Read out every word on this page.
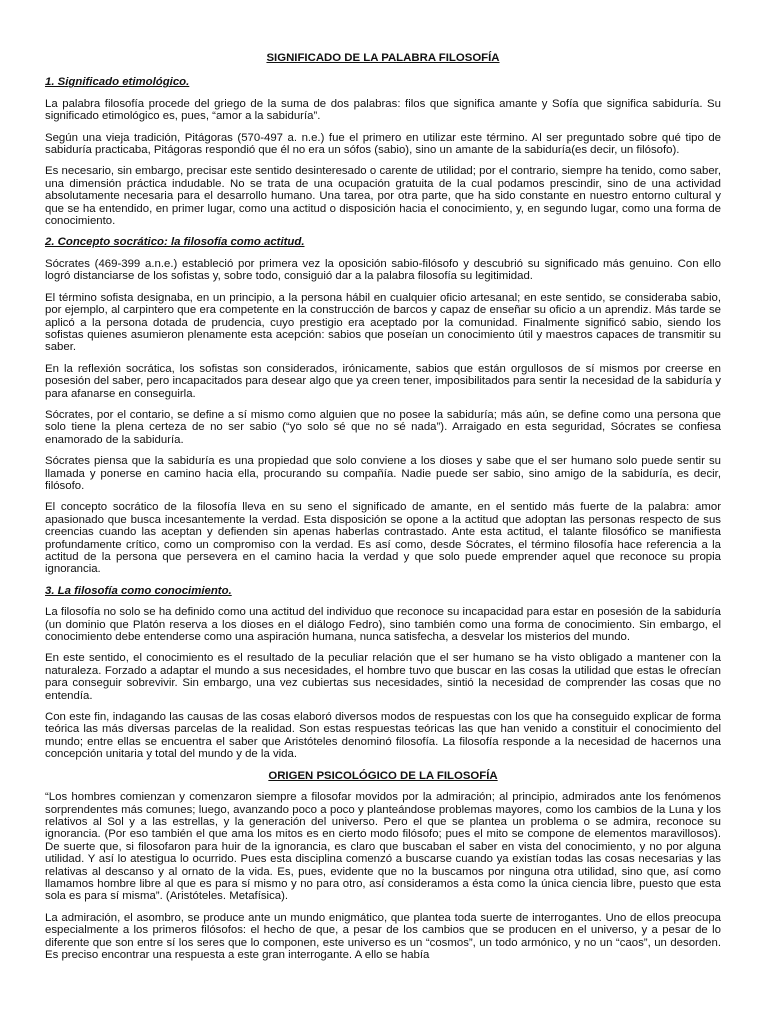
SIGNIFICADO DE LA PALABRA FILOSOFÍA
1. Significado etimológico.

La palabra filosofía procede del griego de la suma de dos palabras: filos que significa amante y Sofía que significa sabiduría. Su significado etimológico es, pues, “amor a la sabiduría”.

Según una vieja tradición, Pitágoras (570-497 a. n.e.) fue el primero en utilizar este término. Al ser preguntado sobre qué tipo de sabiduría practicaba, Pitágoras respondió que él no era un sófos (sabio), sino un amante de la sabiduría(es decir, un filósofo).

Es necesario, sin embargo, precisar este sentido desinteresado o carente de utilidad; por el contrario, siempre ha tenido, como saber, una dimensión práctica indudable. No se trata de una ocupación gratuita de la cual podamos prescindir, sino de una actividad absolutamente necesaria para el desarrollo humano. Una tarea, por otra parte, que ha sido constante en nuestro entorno cultural y que se ha entendido, en primer lugar, como una actitud o disposición hacia el conocimiento, y, en segundo lugar, como una forma de conocimiento.

2. Concepto socrático: la filosofía como actitud.

Sócrates (469-399 a.n.e.) estableció por primera vez la oposición sabio-filósofo y descubrió su significado más genuino. Con ello logró distanciarse de los sofistas y, sobre todo, consiguió dar a la palabra filosofía su legitimidad.

El término sofista designaba, en un principio, a la persona hábil en cualquier oficio artesanal; en este sentido, se consideraba sabio, por ejemplo, al carpintero que era competente en la construcción de barcos y capaz de enseñar su oficio a un aprendiz. Más tarde se aplicó a la persona dotada de prudencia, cuyo prestigio era aceptado por la comunidad. Finalmente significó sabio, siendo los sofistas quienes asumieron plenamente esta acepción: sabios que poseían un conocimiento útil y maestros capaces de transmitir su saber.

En la reflexión socrática, los sofistas son considerados, irónicamente, sabios que están orgullosos de sí mismos por creerse en posesión del saber, pero incapacitados para desear algo que ya creen tener, imposibilitados para sentir la necesidad de la sabiduría y para afanarse en conseguirla.

Sócrates, por el contario, se define a sí mismo como alguien que no posee la sabiduría; más aún, se define como una persona que solo tiene la plena certeza de no ser sabio (“yo solo sé que no sé nada”). Arraigado en esta seguridad, Sócrates se confiesa enamorado de la sabiduría.

Sócrates piensa que la sabiduría es una propiedad que solo conviene a los dioses y sabe que el ser humano solo puede sentir su llamada y ponerse en camino hacia ella, procurando su compañía. Nadie puede ser sabio, sino amigo de la sabiduría, es decir, filósofo.

El concepto socrático de la filosofía lleva en su seno el significado de amante, en el sentido más fuerte de la palabra: amor apasionado que busca incesantemente la verdad. Esta disposición se opone a la actitud que adoptan las personas respecto de sus creencias cuando las aceptan y defienden sin apenas haberlas contrastado. Ante esta actitud, el talante filosófico se manifiesta profundamente crítico, como un compromiso con la verdad. Es así como, desde Sócrates, el término filosofía hace referencia a la actitud de la persona que persevera en el camino hacia la verdad y que solo puede emprender aquel que reconoce su propia ignorancia.

3. La filosofía como conocimiento.

La filosofía no solo se ha definido como una actitud del individuo que reconoce su incapacidad para estar en posesión de la sabiduría (un dominio que Platón reserva a los dioses en el diálogo Fedro), sino también como una forma de conocimiento. Sin embargo, el conocimiento debe entenderse como una aspiración humana, nunca satisfecha, a desvelar los misterios del mundo.

En este sentido, el conocimiento es el resultado de la peculiar relación que el ser humano se ha visto obligado a mantener con la naturaleza. Forzado a adaptar el mundo a sus necesidades, el hombre tuvo que buscar en las cosas la utilidad que estas le ofrecían para conseguir sobrevivir. Sin embargo, una vez cubiertas sus necesidades, sintió la necesidad de comprender las cosas que no entendía.

Con este fin, indagando las causas de las cosas elaboró diversos modos de respuestas con los que ha conseguido explicar de forma teórica las más diversas parcelas de la realidad. Son estas respuestas teóricas las que han venido a constituir el conocimiento del mundo; entre ellas se encuentra el saber que Aristóteles denominó filosofía. La filosofía responde a la necesidad de hacernos una concepción unitaria y total del mundo y de la vida.

ORIGEN PSICOLÓGICO DE LA FILOSOFÍA

“Los hombres comienzan y comenzaron siempre a filosofar movidos por la admiración; al principio, admirados ante los fenómenos sorprendentes más comunes; luego, avanzando poco a poco y planteándose problemas mayores, como los cambios de la Luna y los relativos al Sol y a las estrellas, y la generación del universo. Pero el que se plantea un problema o se admira, reconoce su ignorancia. (Por eso también el que ama los mitos es en cierto modo filósofo; pues el mito se compone de elementos maravillosos). De suerte que, si filosofaron para huir de la ignorancia, es claro que buscaban el saber en vista del conocimiento, y no por alguna utilidad. Y así lo atestigua lo ocurrido. Pues esta disciplina comenzó a buscarse cuando ya existían todas las cosas necesarias y las relativas al descanso y al ornato de la vida. Es, pues, evidente que no la buscamos por ninguna otra utilidad, sino que, así como llamamos hombre libre al que es para sí mismo y no para otro, así consideramos a ésta como la única ciencia libre, puesto que esta sola es para sí misma”. (Aristóteles. Metafísica).

La admiración, el asombro, se produce ante un mundo enigmático, que plantea toda suerte de interrogantes. Uno de ellos preocupa especialmente a los primeros filósofos: el hecho de que, a pesar de los cambios que se producen en el universo, y a pesar de lo diferente que son entre sí los seres que lo componen, este universo es un “cosmos”, un todo armónico, y no un “caos”, un desorden. Es preciso encontrar una respuesta a este gran interrogante. A ello se había
